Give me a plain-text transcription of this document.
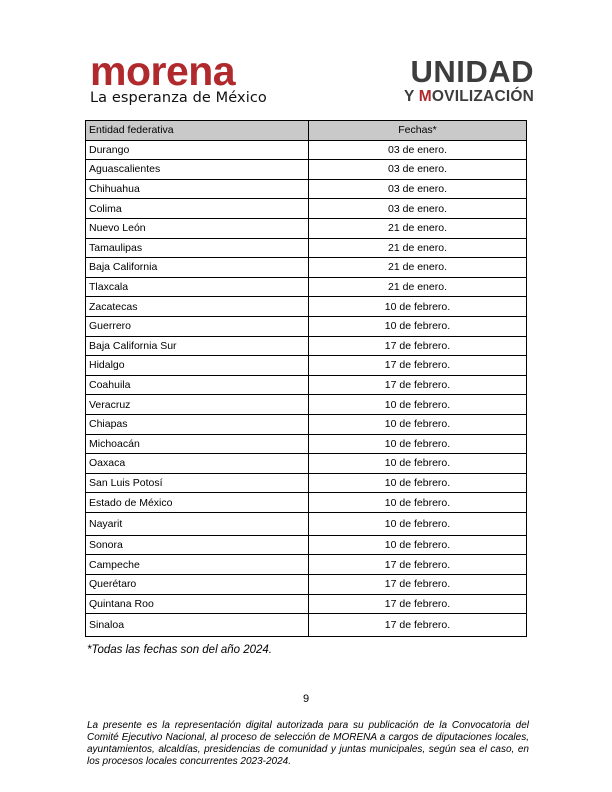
morena
La esperanza de México
UNIDAD
Y MOVILIZACIÓN
Entidad federativa	Fechas*
Durango	03 de enero.
Aguascalientes	03 de enero.
Chihuahua	03 de enero.
Colima	03 de enero.
Nuevo León	21 de enero.
Tamaulipas	21 de enero.
Baja California	21 de enero.
Tlaxcala	21 de enero.
Zacatecas	10 de febrero.
Guerrero	10 de febrero.
Baja California Sur	17 de febrero.
Hidalgo	17 de febrero.
Coahuila	17 de febrero.
Veracruz	10 de febrero.
Chiapas	10 de febrero.
Michoacán	10 de febrero.
Oaxaca	10 de febrero.
San Luis Potosí	10 de febrero.
Estado de México	10 de febrero.
Nayarit	10 de febrero.
Sonora	10 de febrero.
Campeche	17 de febrero.
Querétaro	17 de febrero.
Quintana Roo	17 de febrero.
Sinaloa	17 de febrero.
*Todas las fechas son del año 2024.
9
La presente es la representación digital autorizada para su publicación de la Convocatoria del Comité Ejecutivo Nacional, al proceso de selección de MORENA a cargos de diputaciones locales, ayuntamientos, alcaldías, presidencias de comunidad y juntas municipales, según sea el caso, en los procesos locales concurrentes 2023-2024.
